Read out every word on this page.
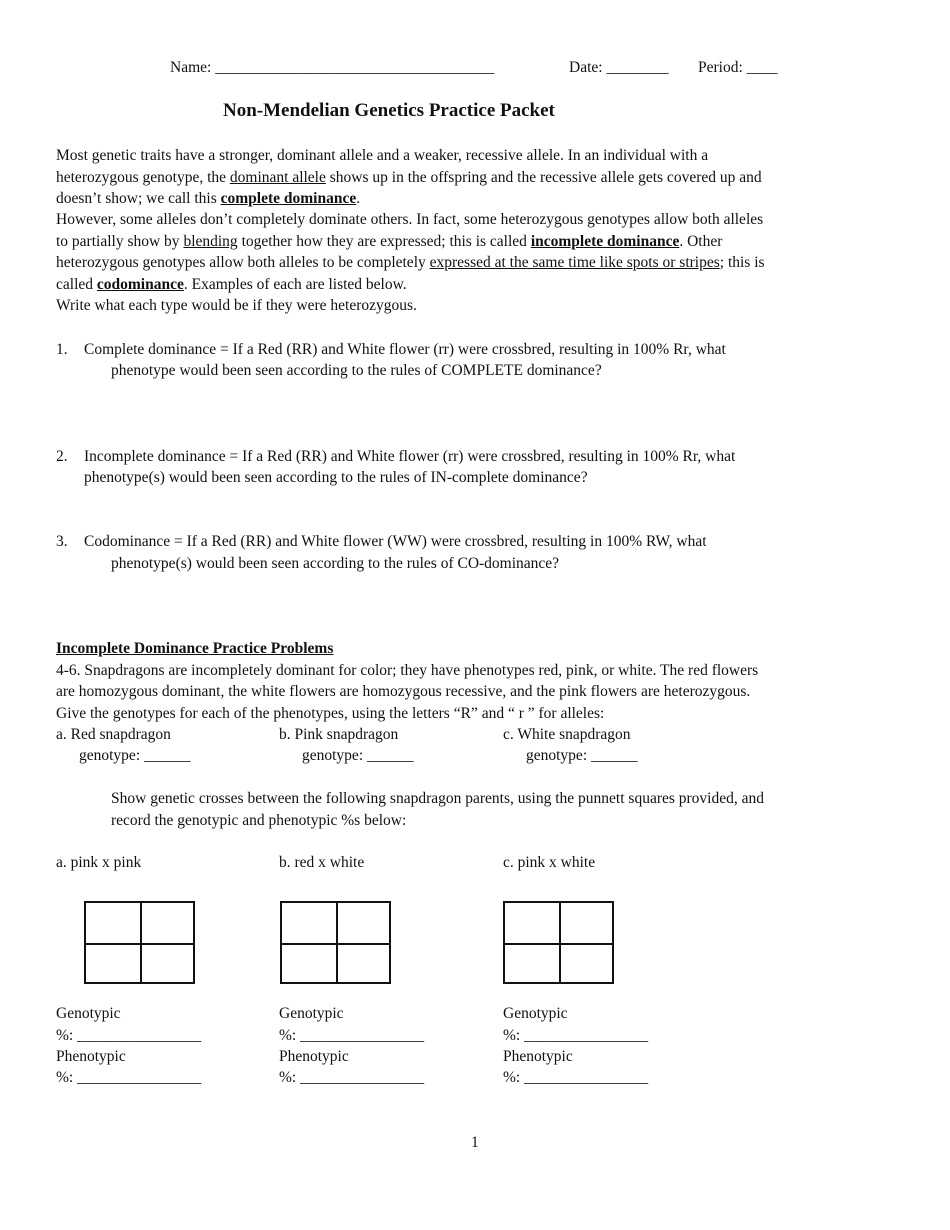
Name: ____________________________________	Date: ________ Period: ____
Non-Mendelian Genetics Practice Packet
Most genetic traits have a stronger, dominant allele and a weaker, recessive allele. In an individual with a
heterozygous genotype, the dominant allele shows up in the offspring and the recessive allele gets covered up and
doesn’t show; we call this complete dominance.
However, some alleles don’t completely dominate others. In fact, some heterozygous genotypes allow both alleles
to partially show by blending together how they are expressed; this is called incomplete dominance. Other
heterozygous genotypes allow both alleles to be completely expressed at the same time like spots or stripes; this is
called codominance. Examples of each are listed below.
Write what each type would be if they were heterozygous.
1. Complete dominance = If a Red (RR) and White flower (rr) were crossbred, resulting in 100% Rr, what
phenotype would been seen according to the rules of COMPLETE dominance?
2. Incomplete dominance = If a Red (RR) and White flower (rr) were crossbred, resulting in 100% Rr, what
phenotype(s) would been seen according to the rules of IN-complete dominance?
3. Codominance = If a Red (RR) and White flower (WW) were crossbred, resulting in 100% RW, what
phenotype(s) would been seen according to the rules of CO-dominance?
Incomplete Dominance Practice Problems
4-6. Snapdragons are incompletely dominant for color; they have phenotypes red, pink, or white. The red flowers
are homozygous dominant, the white flowers are homozygous recessive, and the pink flowers are heterozygous.
Give the genotypes for each of the phenotypes, using the letters “R” and “ r ” for alleles:
a. Red snapdragon
genotype: ______
b. Pink snapdragon
genotype: ______
c. White snapdragon
genotype: ______
Show genetic crosses between the following snapdragon parents, using the punnett squares provided, and
record the genotypic and phenotypic %s below:
a. pink x pink	b. red x white	c. pink x white
Genotypic
%: ________________
Phenotypic
%: ________________
Genotypic
%: ________________
Phenotypic
%: ________________
Genotypic
%: ________________
Phenotypic
%: ________________
1
